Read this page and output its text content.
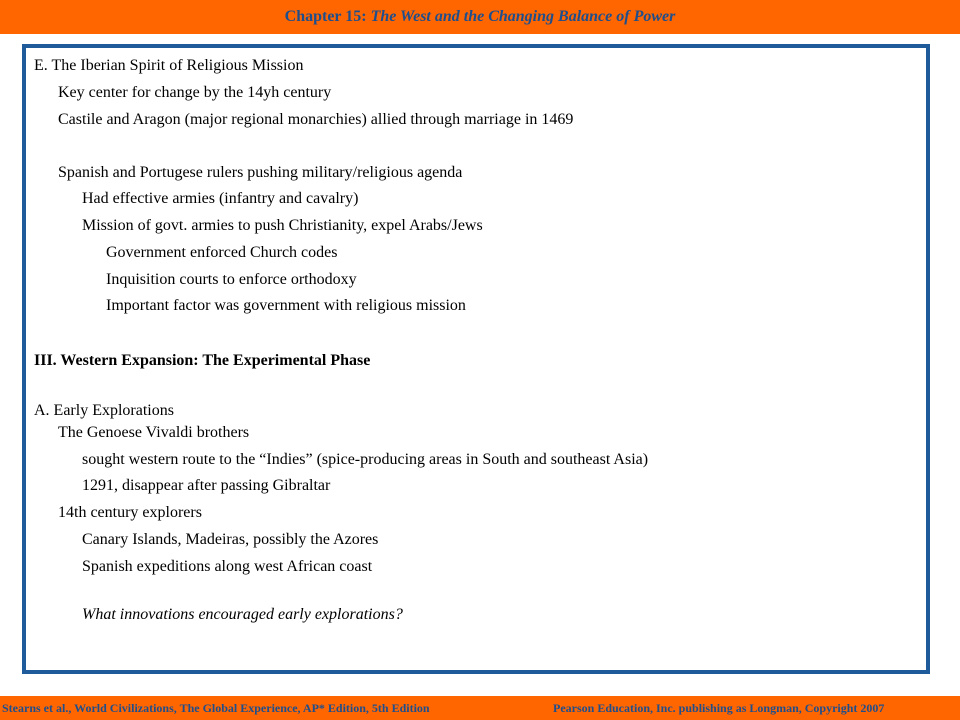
Chapter 15: The West and the Changing Balance of Power
E. The Iberian Spirit of Religious Mission
Key center for change by the 14yh century
Castile and Aragon (major regional monarchies) allied through marriage in 1469
Spanish and Portugese rulers pushing military/religious agenda
Had effective armies (infantry and cavalry)
Mission of govt. armies to push Christianity, expel Arabs/Jews
Government enforced Church codes
Inquisition courts to enforce orthodoxy
Important factor was government with religious mission
III. Western Expansion: The Experimental Phase
A. Early Explorations
The Genoese Vivaldi brothers
sought western route to the “Indies” (spice-producing areas in South and southeast Asia)
1291, disappear after passing Gibraltar
14th century explorers
Canary Islands, Madeiras, possibly the Azores
Spanish expeditions along west African coast
What innovations encouraged early explorations?
Stearns et al., World Civilizations, The Global Experience, AP* Edition, 5th Edition	Pearson Education, Inc. publishing as Longman, Copyright 2007
